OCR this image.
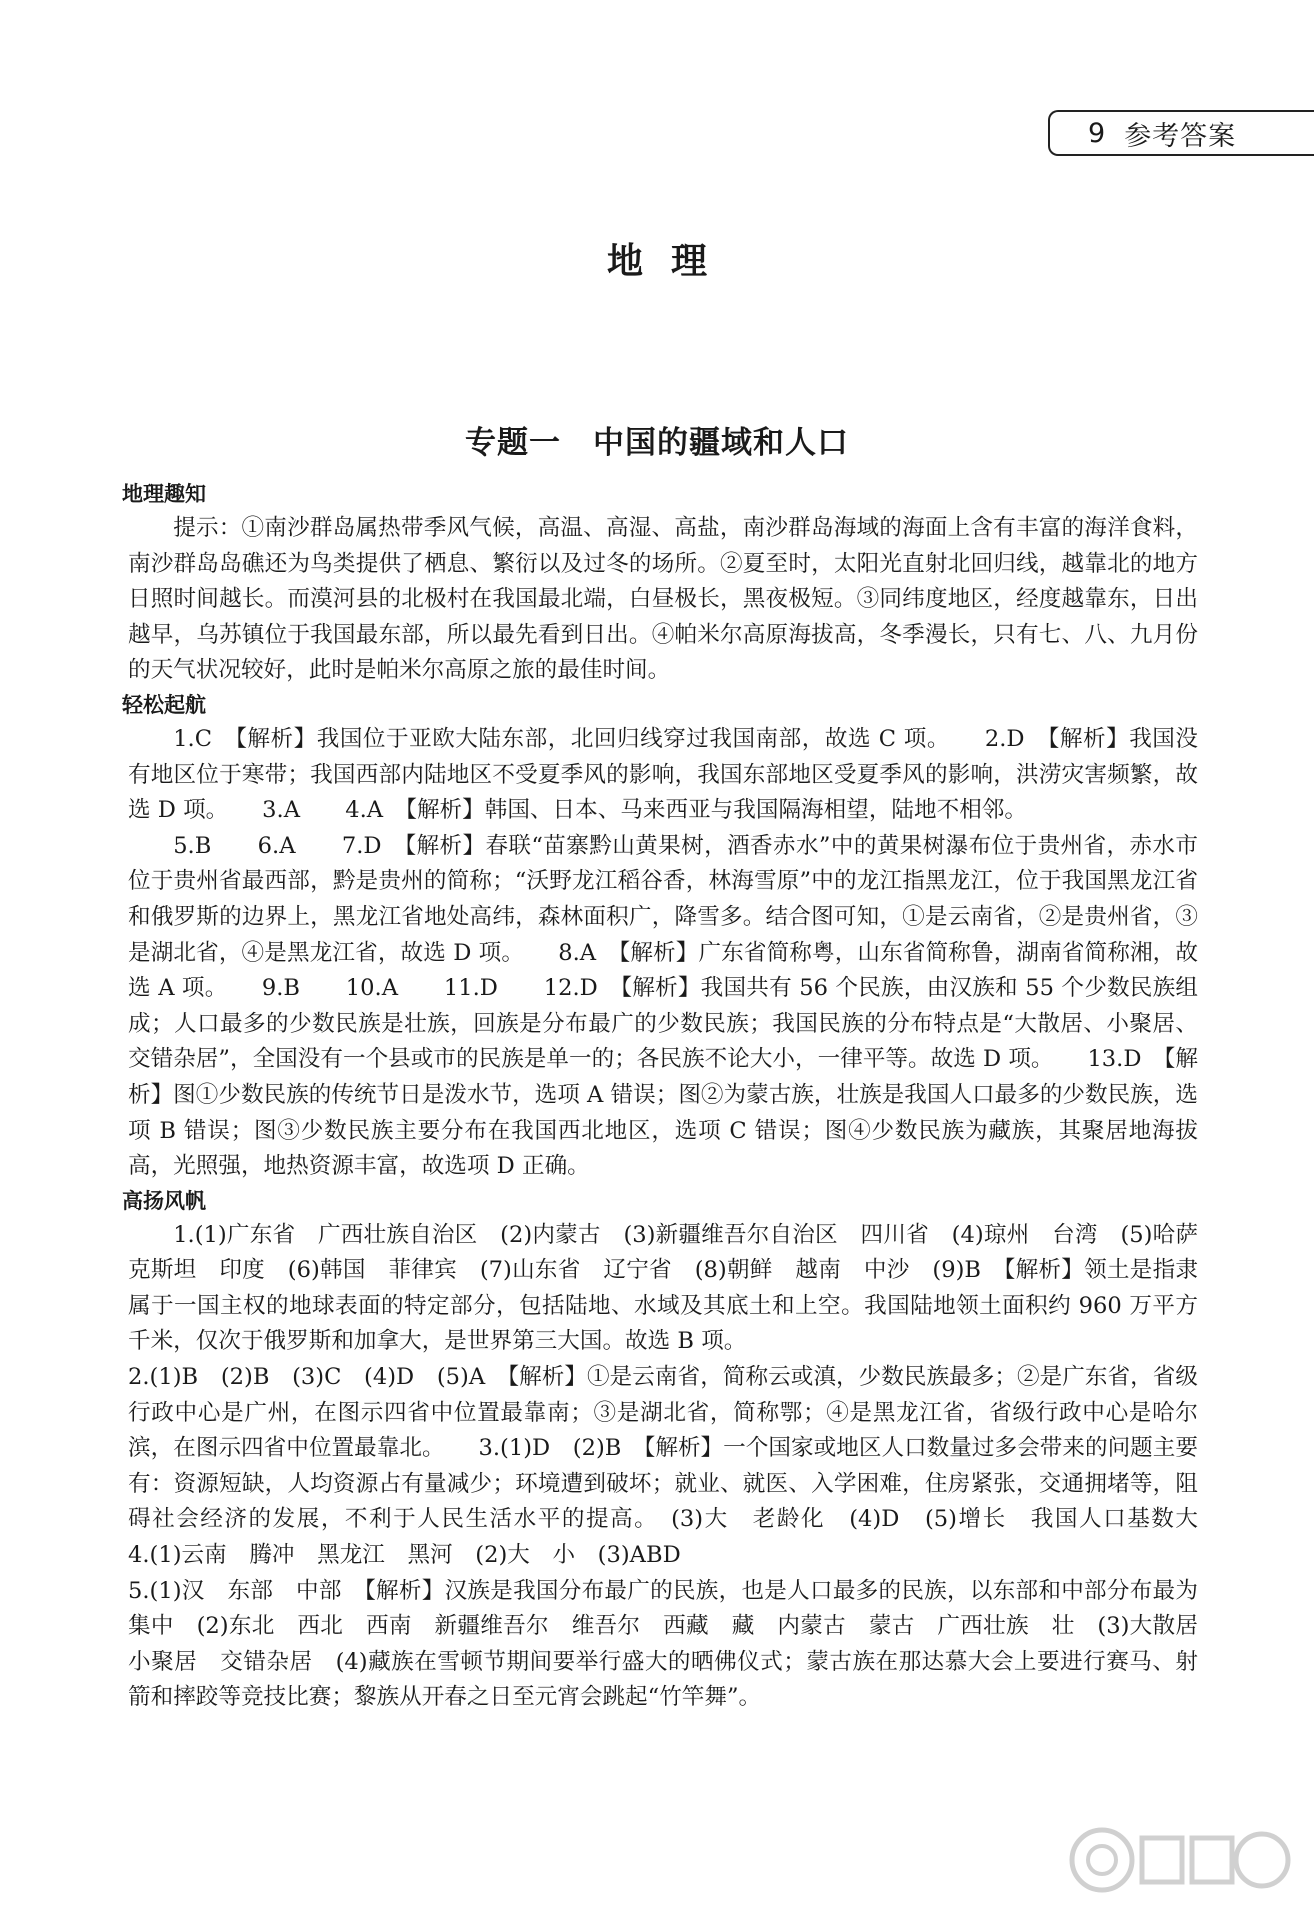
9 参考答案
地理
专题一　中国的疆域和人口
地理趣知

提示：①南沙群岛属热带季风气候，高温、高湿、高盐，南沙群岛海域的海面上含有丰富的海洋食料，南沙群岛岛礁还为鸟类提供了栖息、繁衍以及过冬的场所。②夏至时，太阳光直射北回归线，越靠北的地方日照时间越长。而漠河县的北极村在我国最北端，白昼极长，黑夜极短。③同纬度地区，经度越靠东，日出越早，乌苏镇位于我国最东部，所以最先看到日出。④帕米尔高原海拔高，冬季漫长，只有七、八、九月份的天气状况较好，此时是帕米尔高原之旅的最佳时间。

轻松起航

1.C　【解析】我国位于亚欧大陆东部，北回归线穿过我国南部，故选 C 项。　　2.D　【解析】我国没有地区位于寒带；我国西部内陆地区不受夏季风的影响，我国东部地区受夏季风的影响，洪涝灾害频繁，故选 D 项。　　3.A　　4.A　【解析】韩国、日本、马来西亚与我国隔海相望，陆地不相邻。

5.B　　6.A　　7.D　【解析】春联“苗寨黔山黄果树，酒香赤水”中的黄果树瀑布位于贵州省，赤水市位于贵州省最西部，黔是贵州的简称；“沃野龙江稻谷香，林海雪原”中的龙江指黑龙江，位于我国黑龙江省和俄罗斯的边界上，黑龙江省地处高纬，森林面积广，降雪多。结合图可知，①是云南省，②是贵州省，③是湖北省，④是黑龙江省，故选 D 项。　　8.A　【解析】广东省简称粤，山东省简称鲁，湖南省简称湘，故选 A 项。　　9.B　　10.A　　11.D　　12.D　【解析】我国共有 56 个民族，由汉族和 55 个少数民族组成；人口最多的少数民族是壮族，回族是分布最广的少数民族；我国民族的分布特点是“大散居、小聚居、交错杂居”，全国没有一个县或市的民族是单一的；各民族不论大小，一律平等。故选 D 项。　　13.D　【解析】图①少数民族的传统节日是泼水节，选项 A 错误；图②为蒙古族，壮族是我国人口最多的少数民族，选项 B 错误；图③少数民族主要分布在我国西北地区，选项 C 错误；图④少数民族为藏族，其聚居地海拔高，光照强，地热资源丰富，故选项 D 正确。

高扬风帆

1.(1)广东省　广西壮族自治区　(2)内蒙古　(3)新疆维吾尔自治区　四川省　(4)琼州　台湾　(5)哈萨克斯坦　印度　(6)韩国　菲律宾　(7)山东省　辽宁省　(8)朝鲜　越南　中沙　(9)B　【解析】领土是指隶属于一国主权的地球表面的特定部分，包括陆地、水域及其底土和上空。我国陆地领土面积约 960 万平方千米，仅次于俄罗斯和加拿大，是世界第三大国。故选 B 项。

2.(1)B　(2)B　(3)C　(4)D　(5)A　【解析】①是云南省，简称云或滇，少数民族最多；②是广东省，省级行政中心是广州，在图示四省中位置最靠南；③是湖北省，简称鄂；④是黑龙江省，省级行政中心是哈尔滨，在图示四省中位置最靠北。　　3.(1)D　(2)B　【解析】一个国家或地区人口数量过多会带来的问题主要有：资源短缺，人均资源占有量减少；环境遭到破坏；就业、就医、入学困难，住房紧张，交通拥堵等，阻碍社会经济的发展，不利于人民生活水平的提高。　(3)大　老龄化　(4)D　(5)增长　我国人口基数大　　4.(1)云南　腾冲　黑龙江　黑河　(2)大　小　(3)ABD

5.(1)汉　东部　中部　【解析】汉族是我国分布最广的民族，也是人口最多的民族，以东部和中部分布最为集中　(2)东北　西北　西南　新疆维吾尔　维吾尔　西藏　藏　内蒙古　蒙古　广西壮族　壮　(3)大散居　小聚居　交错杂居　(4)藏族在雪顿节期间要举行盛大的晒佛仪式；蒙古族在那达慕大会上要进行赛马、射箭和摔跤等竞技比赛；黎族从开春之日至元宵会跳起“竹竿舞”。
